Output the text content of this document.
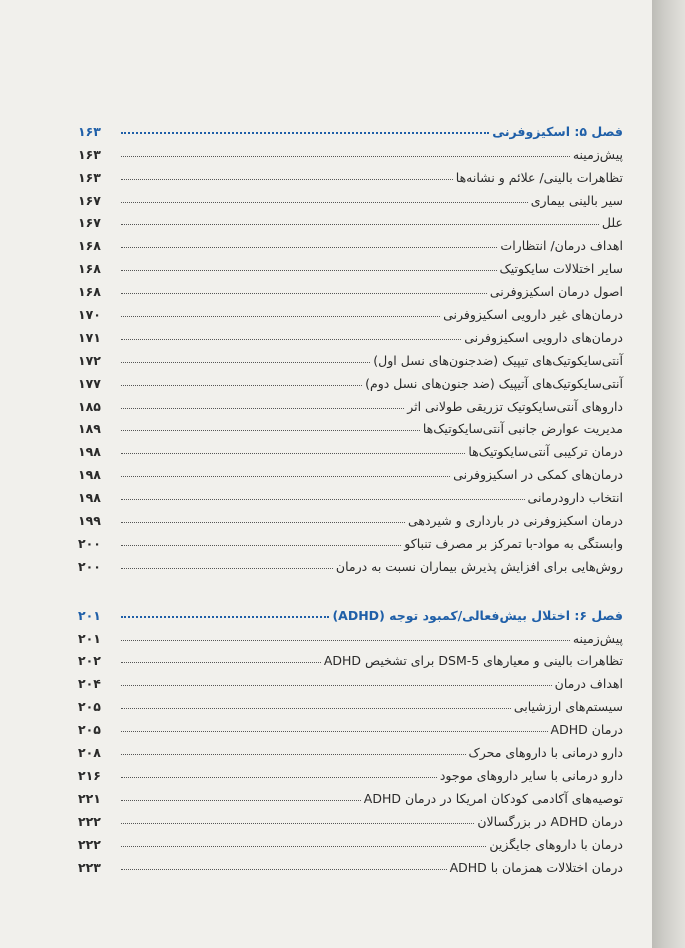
فصل ۵: اسکیزوفرنی
۱۶۳
پیش‌زمینه
۱۶۳
تظاهرات بالینی/ علائم و نشانه‌ها
۱۶۳
سیر بالینی بیماری
۱۶۷
علل
۱۶۷
اهداف درمان/ انتظارات
۱۶۸
سایر اختلالات سایکوتیک
۱۶۸
اصول درمان اسکیزوفرنی
۱۶۸
درمان‌های غیر دارویی اسکیزوفرنی
۱۷۰
درمان‌های دارویی اسکیزوفرنی
۱۷۱
آنتی‌سایکوتیک‌های تیپیک (ضدجنون‌های نسل اول)
۱۷۲
آنتی‌سایکوتیک‌های آتیپیک (ضد جنون‌های نسل دوم)
۱۷۷
داروهای آنتی‌سایکوتیک تزریقی طولانی اثر
۱۸۵
مدیریت عوارض جانبی آنتی‌سایکوتیک‌ها
۱۸۹
درمان ترکیبی آنتی‌سایکوتیک‌ها
۱۹۸
درمان‌های کمکی در اسکیزوفرنی
۱۹۸
انتخاب دارودرمانی
۱۹۸
درمان اسکیزوفرنی در بارداری و شیردهی
۱۹۹
وابستگی به مواد-با تمرکز بر مصرف تنباکو
۲۰۰
روش‌هایی برای افزایش پذیرش بیماران نسبت به درمان
۲۰۰
فصل ۶: اختلال بیش‌فعالی/کمبود توجه (ADHD)
۲۰۱
پیش‌زمینه
۲۰۱
تظاهرات بالینی و معیارهای DSM-5 برای تشخیص ADHD
۲۰۲
اهداف درمان
۲۰۴
سیستم‌های ارزشیابی
۲۰۵
درمان ADHD
۲۰۵
دارو درمانی با داروهای محرک
۲۰۸
دارو درمانی با سایر داروهای موجود
۲۱۶
توصیه‌های آکادمی کودکان امریکا در درمان ADHD
۲۲۱
درمان ADHD در بزرگسالان
۲۲۲
درمان با داروهای جایگزین
۲۲۲
درمان اختلالات همزمان با ADHD
۲۲۳
